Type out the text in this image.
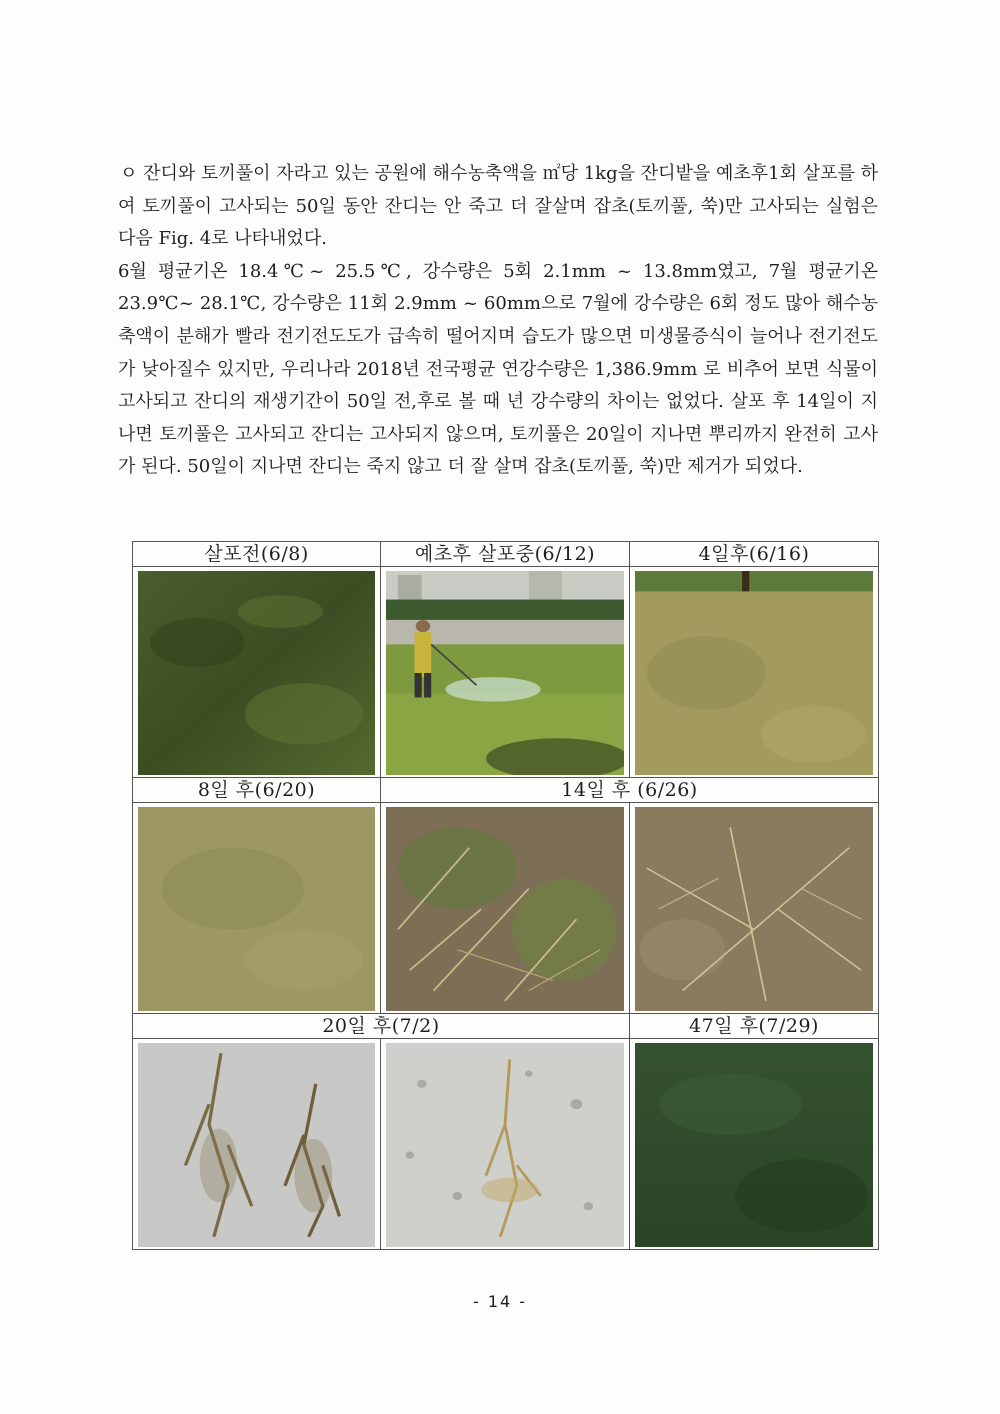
ㅇ 잔디와 토끼풀이 자라고 있는 공원에 해수농축액을 ㎡당 1kg을 잔디밭을 예초후1회 살포를 하여 토끼풀이 고사되는 50일 동안 잔디는 안 죽고 더 잘살며 잡초(토끼풀, 쑥)만 고사되는 실험은 다음 Fig. 4로 나타내었다.

6월 평균기온 18.4℃~ 25.5℃, 강수량은 5회 2.1mm ~ 13.8mm였고, 7월 평균기온 23.9℃~ 28.1℃, 강수량은 11회 2.9mm ~ 60mm으로 7월에 강수량은 6회 정도 많아 해수농축액이 분해가 빨라 전기전도도가 급속히 떨어지며 습도가 많으면 미생물증식이 늘어나 전기전도가 낮아질수 있지만, 우리나라 2018년 전국평균 연강수량은 1,386.9mm 로 비추어 보면 식물이 고사되고 잔디의 재생기간이 50일 전,후로 볼 때 년 강수량의 차이는 없었다. 살포 후 14일이 지나면 토끼풀은 고사되고 잔디는 고사되지 않으며, 토끼풀은 20일이 지나면 뿌리까지 완전히 고사가 된다. 50일이 지나면 잔디는 죽지 않고 더 잘 살며 잡초(토끼풀, 쑥)만 제거가 되었다.

살포전(6/8)	예초후 살포중(6/12)	4일후(6/16)

8일 후(6/20)	14일 후 (6/26)	

20일 후(7/2)		47일 후(7/29)

- 14 -
